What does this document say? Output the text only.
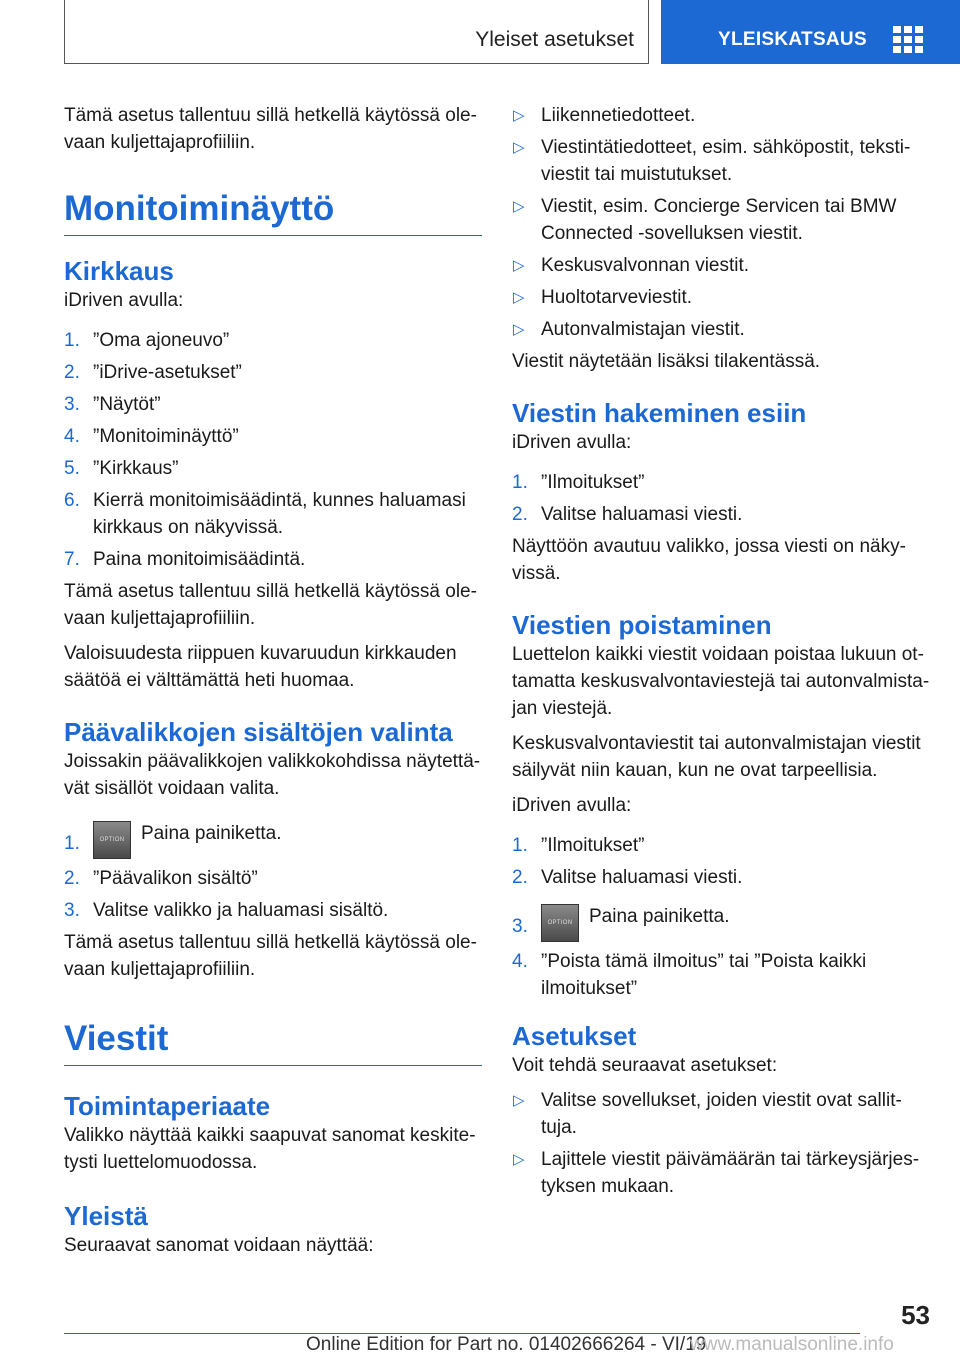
Yleiset asetukset	YLEISKATSAUS

Tämä asetus tallentuu sillä hetkellä käytössä ole-vaan kuljettajaprofiiliin.

Monitoiminäyttö
Kirkkaus

iDriven avulla:

1. ”Oma ajoneuvo”
2. ”iDrive-asetukset”
3. ”Näytöt”
4. ”Monitoiminäyttö”
5. ”Kirkkaus”
6. Kierrä monitoimisäädintä, kunnes haluamasi kirkkaus on näkyvissä.
7. Paina monitoimisäädintä.

Tämä asetus tallentuu sillä hetkellä käytössä ole-vaan kuljettajaprofiiliin.

Valoisuudesta riippuen kuvaruudun kirkkauden säätöä ei välttämättä heti huomaa.

Päävalikkojen sisältöjen valinta

Joissakin päävalikkojen valikkokohdissa näytettä-vät sisällöt voidaan valita.

1.	OPTION Paina painiketta.
2. ”Päävalikon sisältö”
3. Valitse valikko ja haluamasi sisältö.

Tämä asetus tallentuu sillä hetkellä käytössä ole-vaan kuljettajaprofiiliin.

Viestit
Toimintaperiaate

Valikko näyttää kaikki saapuvat sanomat keskite-tysti luettelomuodossa.

Yleistä

Seuraavat sanomat voidaan näyttää:

▷ Liikennetiedotteet.
▷ Viestintätiedotteet, esim. sähköpostit, teksti-viestit tai muistutukset.
▷ Viestit, esim. Concierge Servicen tai BMW Connected -sovelluksen viestit.
▷ Keskusvalvonnan viestit.
▷ Huoltotarveviestit.
▷ Autonvalmistajan viestit.

Viestit näytetään lisäksi tilakentässä.

Viestin hakeminen esiin

iDriven avulla:

1. ”Ilmoitukset”
2. Valitse haluamasi viesti.

Näyttöön avautuu valikko, jossa viesti on näky-vissä.

Viestien poistaminen

Luettelon kaikki viestit voidaan poistaa lukuun ot-tamatta keskusvalvontaviestejä tai autonvalmista-jan viestejä.

Keskusvalvontaviestit tai autonvalmistajan viestit säilyvät niin kauan, kun ne ovat tarpeellisia.

iDriven avulla:

1. ”Ilmoitukset”
2. Valitse haluamasi viesti.
3.	OPTION Paina painiketta.
4. ”Poista tämä ilmoitus” tai ”Poista kaikki ilmoitukset”
Asetukset

Voit tehdä seuraavat asetukset:

▷ Valitse sovellukset, joiden viestit ovat sallit-tuja.
▷ Lajittele viestit päivämäärän tai tärkeysjärjes-tyksen mukaan.
53
Online Edition for Part no. 01402666264 - VI/19
www.manualsonline.info
